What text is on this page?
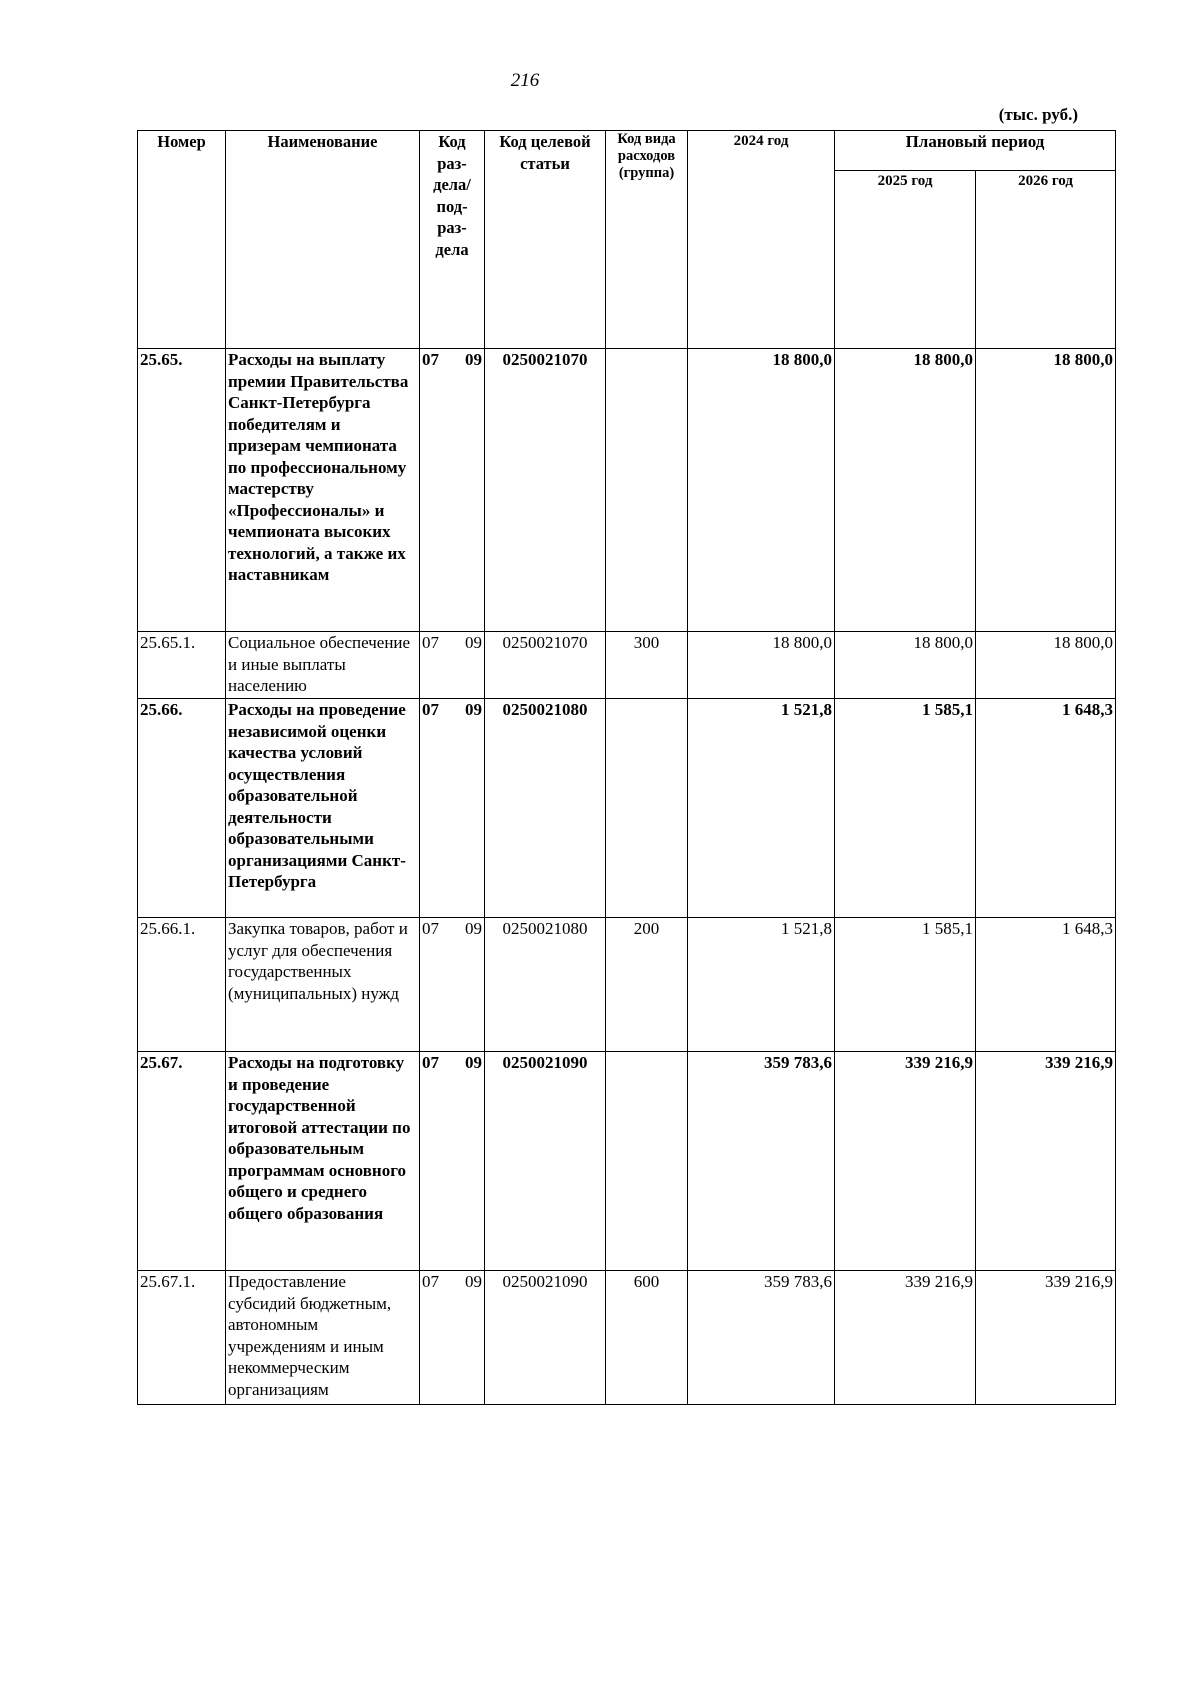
216
(тыс. руб.)
Номер	Наименование	Код раз-дела/ под-раз-дела	Код целевой статьи	Код вида расходов (группа)	2024 год	Плановый период	
						2025 год	2026 год
25.65.	Расходы на выплату премии Правительства Санкт-Петербурга победителям и призерам чемпионата по профессиональному мастерству «Профессионалы» и чемпионата высоких технологий, а также их наставникам	07 09	0250021070		18 800,0	18 800,0	18 800,0
25.65.1.	Социальное обеспечение и иные выплаты населению	07 09	0250021070	300	18 800,0	18 800,0	18 800,0
25.66.	Расходы на проведение независимой оценки качества условий осуществления образовательной деятельности образовательными организациями Санкт-Петербурга	07 09	0250021080		1 521,8	1 585,1	1 648,3
25.66.1.	Закупка товаров, работ и услуг для обеспечения государственных (муниципальных) нужд	07 09	0250021080	200	1 521,8	1 585,1	1 648,3
25.67.	Расходы на подготовку и проведение государственной итоговой аттестации по образовательным программам основного общего и среднего общего образования	07 09	0250021090		359 783,6	339 216,9	339 216,9
25.67.1.	Предоставление субсидий бюджетным, автономным учреждениям и иным некоммерческим организациям	07 09	0250021090	600	359 783,6	339 216,9	339 216,9
